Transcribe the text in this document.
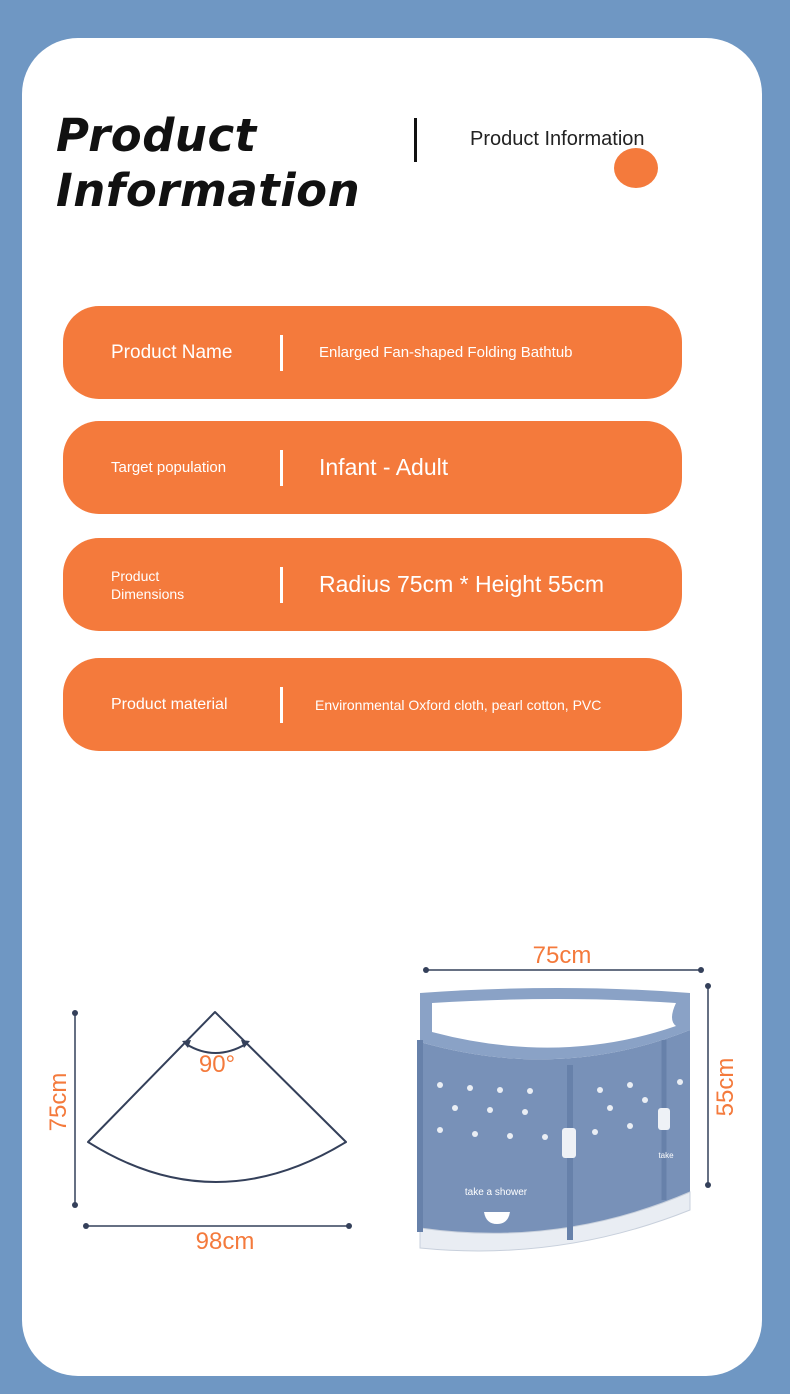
Product
Information
Product Information
Product Name	Enlarged Fan-shaped Folding Bathtub
Target population	Infant - Adult
Product Dimensions	Radius 75cm * Height 55cm
Product material	Environmental Oxford cloth, pearl cotton, PVC
90°
75cm
98cm
75cm
55cm
take a shower
take
